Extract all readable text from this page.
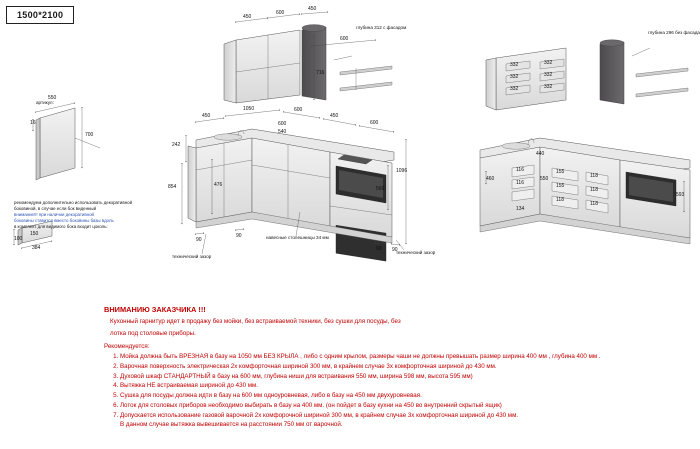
1500*2100
артикул:
550
16
700
150
100
384
рекомендуем дополнительно использовать декоративной
боковиной, в случае если бок виденный
внимание!!! при наличии декоративной
боковины ставится вместо боковины базы вдоль
в комплект для видимого бока входит цоколь:
450
600
450
глубина 312 с фасадом
600
716
450
1050	600
450
600
600
540
242
854	476
1096
566
90
90
90 90
навесные столешницы 34 мм
технический зазор
технический зазор
глубина 296 без фасада
332
332
332
332
332
332
460
116
116
134
155
155
118
118
118
118
440
550
593
ВНИМАНИЮ ЗАКАЗЧИКА !!!
Кухонный гарнитур идет в продажу без мойки, без встраиваемой техники, без сушки для посуды, без
лотка под столовые приборы.
Рекомендуется:
1. Мойка должна быть ВРЕЗНАЯ в базу на 1050 мм БЕЗ КРЫЛА , либо с одним крылом, размеры чаши не должны превышать размер ширина 400 мм , глубина 400 мм .
2. Варочная поверхность электрическая 2х комфорточная шириной 300 мм, в крайнем случае 3х комфорточная шириной до 430 мм.
3. Духовой шкаф СТАНДАРТНЫЙ в базу на 600 мм, глубина ниши для встраивания 550 мм, ширина 598 мм, высота 595 мм)
4. Вытяжка НЕ встраиваемая шириной до 430 мм.
5. Сушка для посуды должна идти в базу на 600 мм одноуровневая, либо в базу на 450 мм двухуровневая.
6. Лоток для столовых приборов необходимо выбирать в базу на 400 мм. (он пойдет в базу кухни на 450 во внутренний скрытый ящик)
7. Допускается использование газовой варочной 2х комфорочной шириной 300 мм, в крайнем случае 3х комфорточная шириной до 430 мм.
В данном случае вытяжка вывешивается на расстоянии 750 мм от варочной.
